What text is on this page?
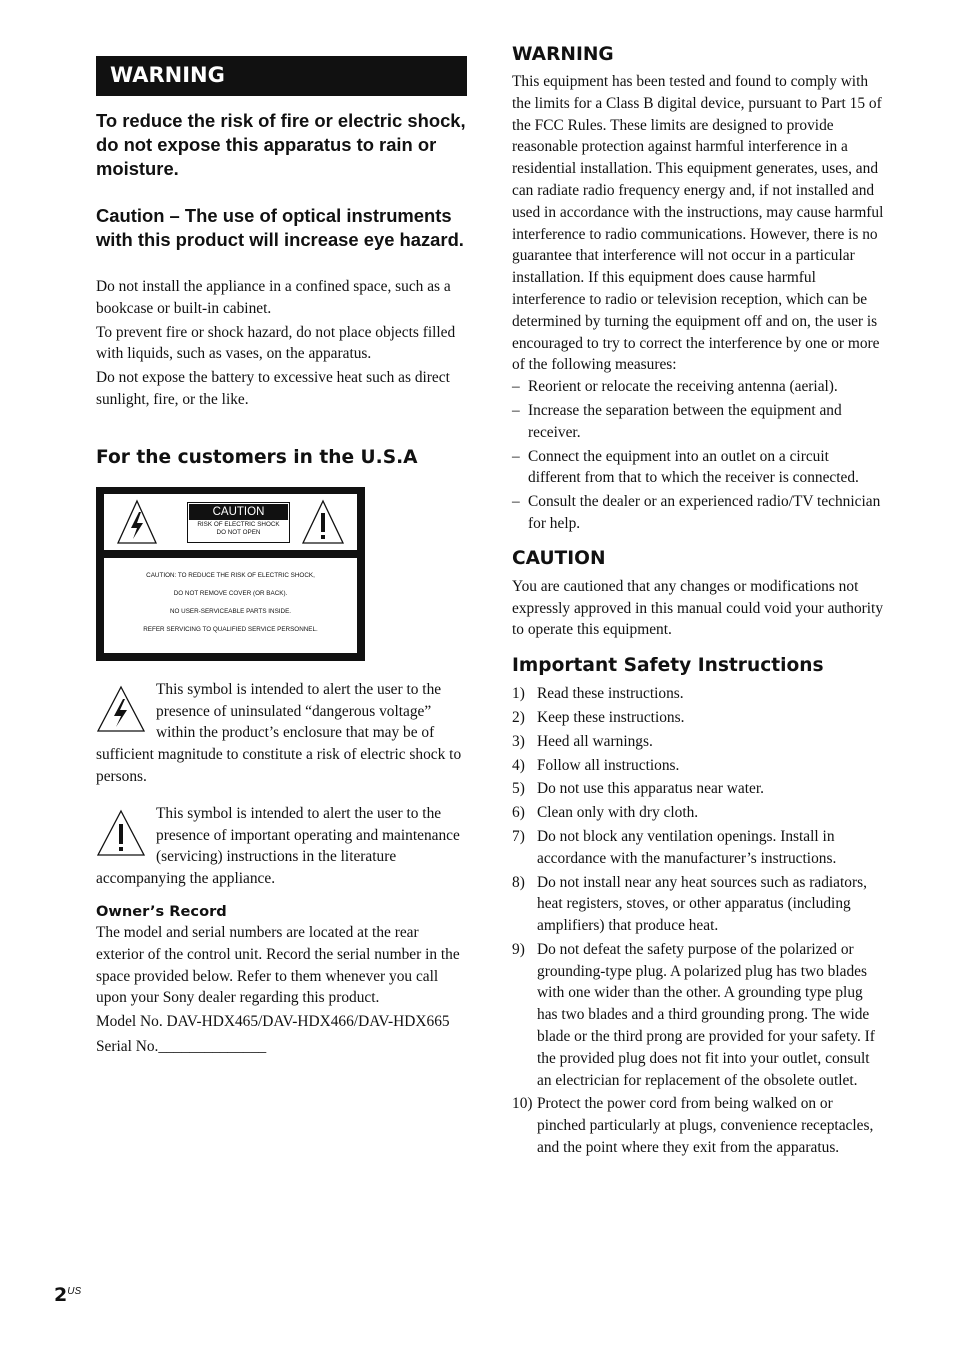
WARNING

To reduce the risk of fire or electric shock, do not expose this apparatus to rain or moisture.

Caution – The use of optical instruments with this product will increase eye hazard.

Do not install the appliance in a confined space, such as a bookcase or built-in cabinet.

To prevent fire or shock hazard, do not place objects filled with liquids, such as vases, on the apparatus.

Do not expose the battery to excessive heat such as direct sunlight, fire, or the like.

For the customers in the U.S.A
CAUTION
RISK OF ELECTRIC SHOCK
DO NOT OPEN
CAUTION: TO REDUCE THE RISK OF ELECTRIC SHOCK,
DO NOT REMOVE COVER (OR BACK).
NO USER-SERVICEABLE PARTS INSIDE.
REFER SERVICING TO QUALIFIED SERVICE PERSONNEL.

This symbol is intended to alert the user to the presence of uninsulated “dangerous voltage” within the product’s enclosure that may be of sufficient magnitude to constitute a risk of electric shock to persons.

This symbol is intended to alert the user to the presence of important operating and maintenance (servicing) instructions in the literature accompanying the appliance.

Owner’s Record

The model and serial numbers are located at the rear exterior of the control unit. Record the serial number in the space provided below. Refer to them whenever you call upon your Sony dealer regarding this product.

Model No. DAV-HDX465/DAV-HDX466/DAV-HDX665

Serial No.______________

WARNING

This equipment has been tested and found to comply with the limits for a Class B digital device, pursuant to Part 15 of the FCC Rules. These limits are designed to provide reasonable protection against harmful interference in a residential installation. This equipment generates, uses, and can radiate radio frequency energy and, if not installed and used in accordance with the instructions, may cause harmful interference to radio communications. However, there is no guarantee that interference will not occur in a particular installation. If this equipment does cause harmful interference to radio or television reception, which can be determined by turning the equipment off and on, the user is encouraged to try to correct the interference by one or more of the following measures:

– Reorient or relocate the receiving antenna (aerial).
– Increase the separation between the equipment and receiver.
– Connect the equipment into an outlet on a circuit different from that to which the receiver is connected.
– Consult the dealer or an experienced radio/TV technician for help.
CAUTION

You are cautioned that any changes or modifications not expressly approved in this manual could void your authority to operate this equipment.

Important Safety Instructions
1) Read these instructions.
2) Keep these instructions.
3) Heed all warnings.
4) Follow all instructions.
5) Do not use this apparatus near water.
6) Clean only with dry cloth.
7) Do not block any ventilation openings. Install in accordance with the manufacturer’s instructions.
8) Do not install near any heat sources such as radiators, heat registers, stoves, or other apparatus (including amplifiers) that produce heat.
9) Do not defeat the safety purpose of the polarized or grounding-type plug. A polarized plug has two blades with one wider than the other. A grounding type plug has two blades and a third grounding prong. The wide blade or the third prong are provided for your safety. If the provided plug does not fit into your outlet, consult an electrician for replacement of the obsolete outlet.
10) Protect the power cord from being walked on or pinched particularly at plugs, convenience receptacles, and the point where they exit from the apparatus.
$2^{US}$
